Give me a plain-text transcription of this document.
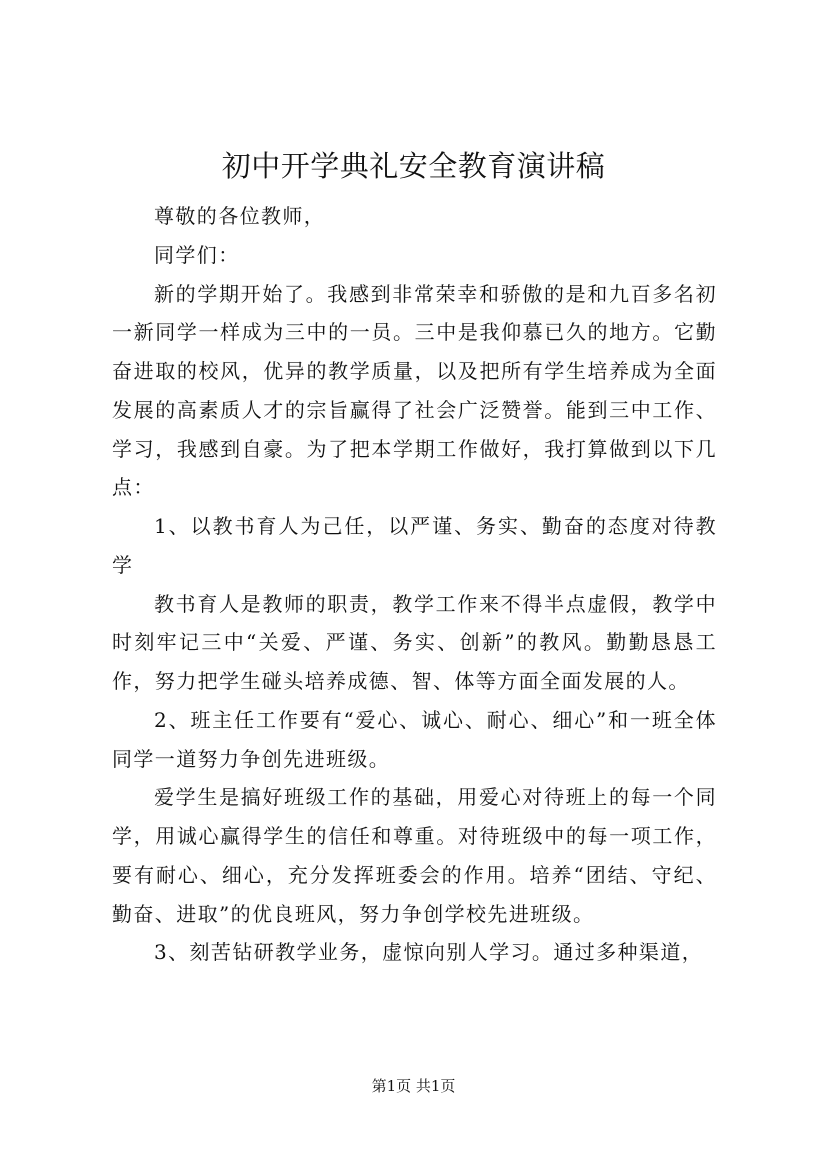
初中开学典礼安全教育演讲稿

尊敬的各位教师，

同学们：

新的学期开始了。我感到非常荣幸和骄傲的是和九百多名初一新同学一样成为三中的一员。三中是我仰慕已久的地方。它勤奋进取的校风，优异的教学质量，以及把所有学生培养成为全面发展的高素质人才的宗旨赢得了社会广泛赞誉。能到三中工作、学习，我感到自豪。为了把本学期工作做好，我打算做到以下几点：

1、以教书育人为己任，以严谨、务实、勤奋的态度对待教学

教书育人是教师的职责，教学工作来不得半点虚假，教学中时刻牢记三中“关爱、严谨、务实、创新”的教风。勤勤恳恳工作，努力把学生碰头培养成德、智、体等方面全面发展的人。

2、班主任工作要有“爱心、诚心、耐心、细心”和一班全体同学一道努力争创先进班级。

爱学生是搞好班级工作的基础，用爱心对待班上的每一个同学，用诚心赢得学生的信任和尊重。对待班级中的每一项工作，要有耐心、细心，充分发挥班委会的作用。培养“团结、守纪、勤奋、进取”的优良班风，努力争创学校先进班级。

3、刻苦钻研教学业务，虚惊向别人学习。通过多种渠道，

第1页 共1页
